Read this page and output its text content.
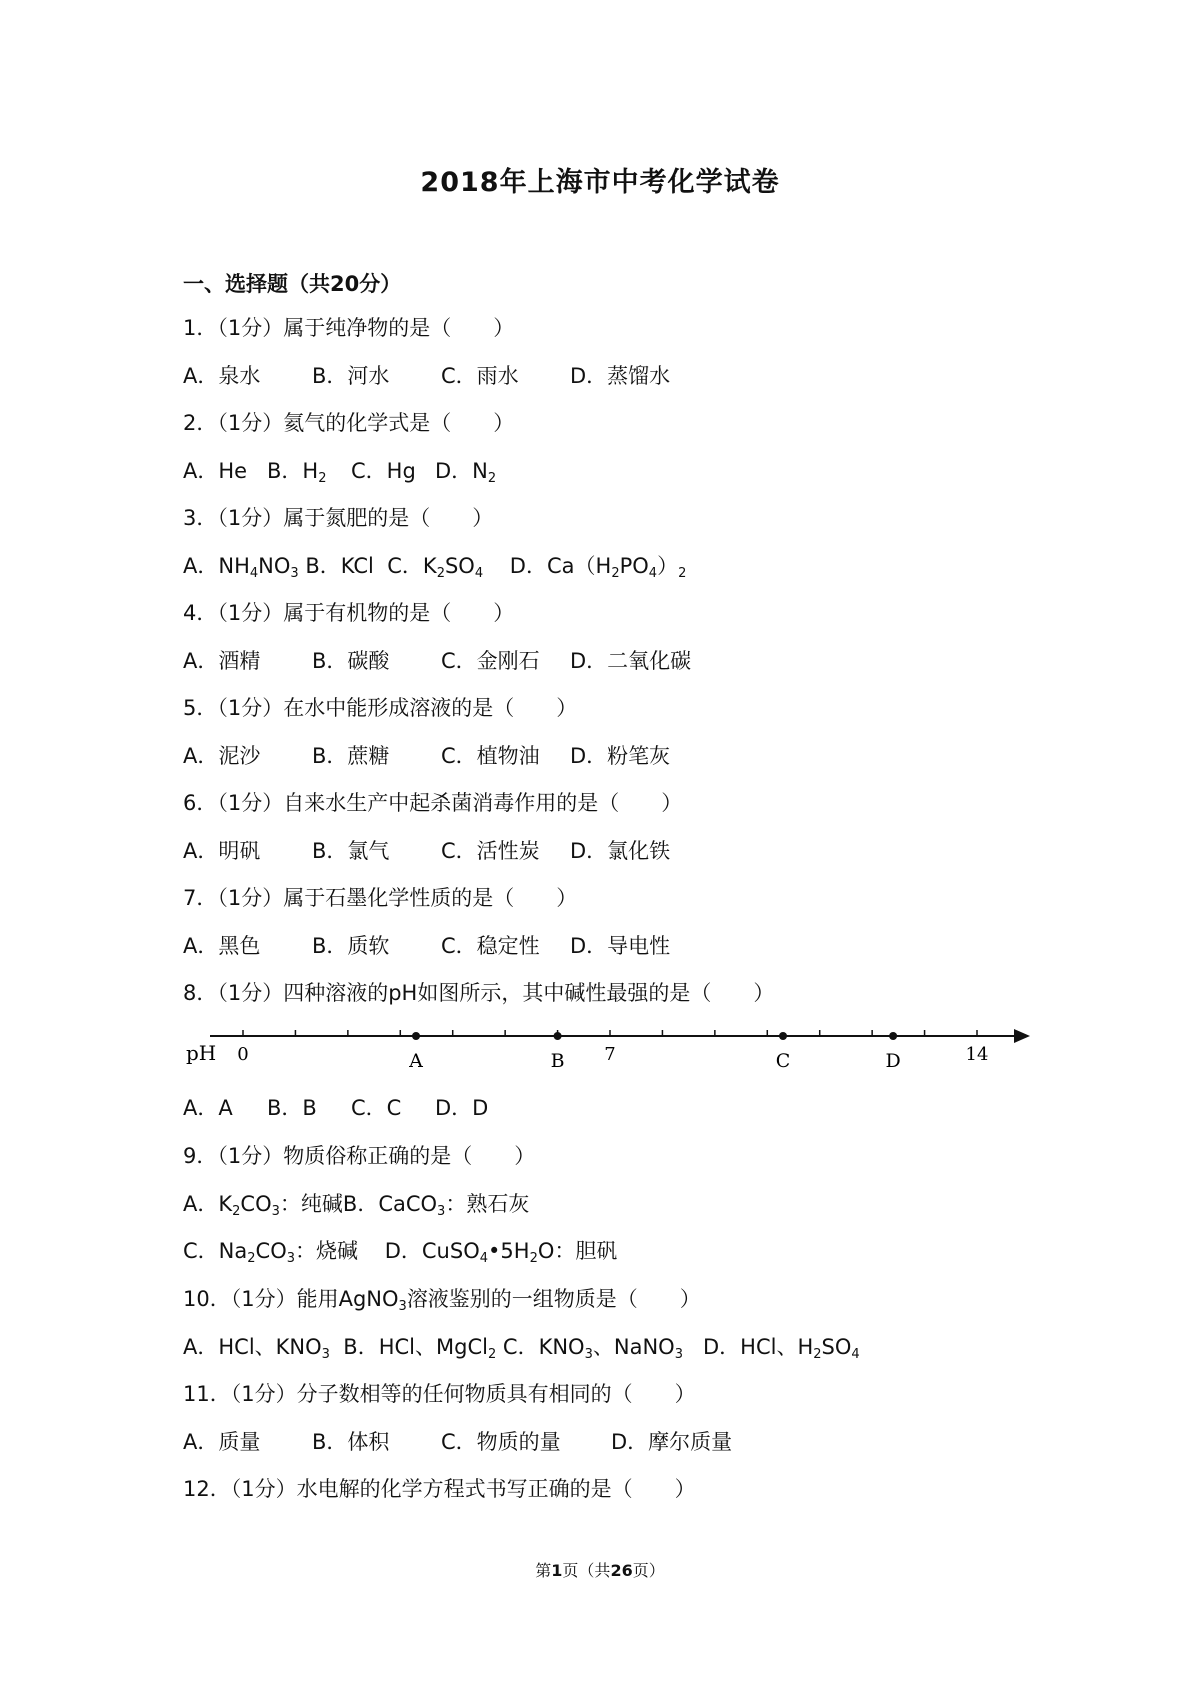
2018年上海市中考化学试卷
一、选择题（共20分）
1．（1分）属于纯净物的是（　　）
A．泉水 B．河水 C．雨水 D．蒸馏水
2．（1分）氦气的化学式是（　　）
A．He B．$H_2$ C．Hg D．$N_2$
3．（1分）属于氮肥的是（　　）
A．$NH_4NO_3$ B．KCl  C．$K_2SO_4$    D．$Ca(H_2PO_4)_2$
4．（1分）属于有机物的是（　　）
A．酒精 B．碳酸 C．金刚石 D．二氧化碳
5．（1分）在水中能形成溶液的是（　　）
A．泥沙 B．蔗糖 C．植物油 D．粉笔灰
6．（1分）自来水生产中起杀菌消毒作用的是（　　）
A．明矾 B．氯气 C．活性炭 D．氯化铁
7．（1分）属于石墨化学性质的是（　　）
A．黑色 B．质软 C．稳定性 D．导电性
8．（1分）四种溶液的pH如图所示，其中碱性最强的是（　　）
A	B	C	D
pH 0	7	14
A．A B．B C．C D．D
9．（1分）物质俗称正确的是（　　）
A．$K_2CO_3$：纯碱B．CaCO$_3$：熟石灰
C．$Na_2CO_3$：烧碱    D．$CuSO_4•5H_2O$：胆矾
10．（1分）能用AgNO$_3$溶液鉴别的一组物质是（　　）
A．HCl、$KNO_3$  B．HCl、MgCl$_2$ C．$KNO_3$、NaNO$_3$   D．HCl、$H_2SO_4$
11．（1分）分子数相等的任何物质具有相同的（　　）
A．质量 B．体积 C．物质的量 D．摩尔质量
12．（1分）水电解的化学方程式书写正确的是（　　）
第1页（共26页）
